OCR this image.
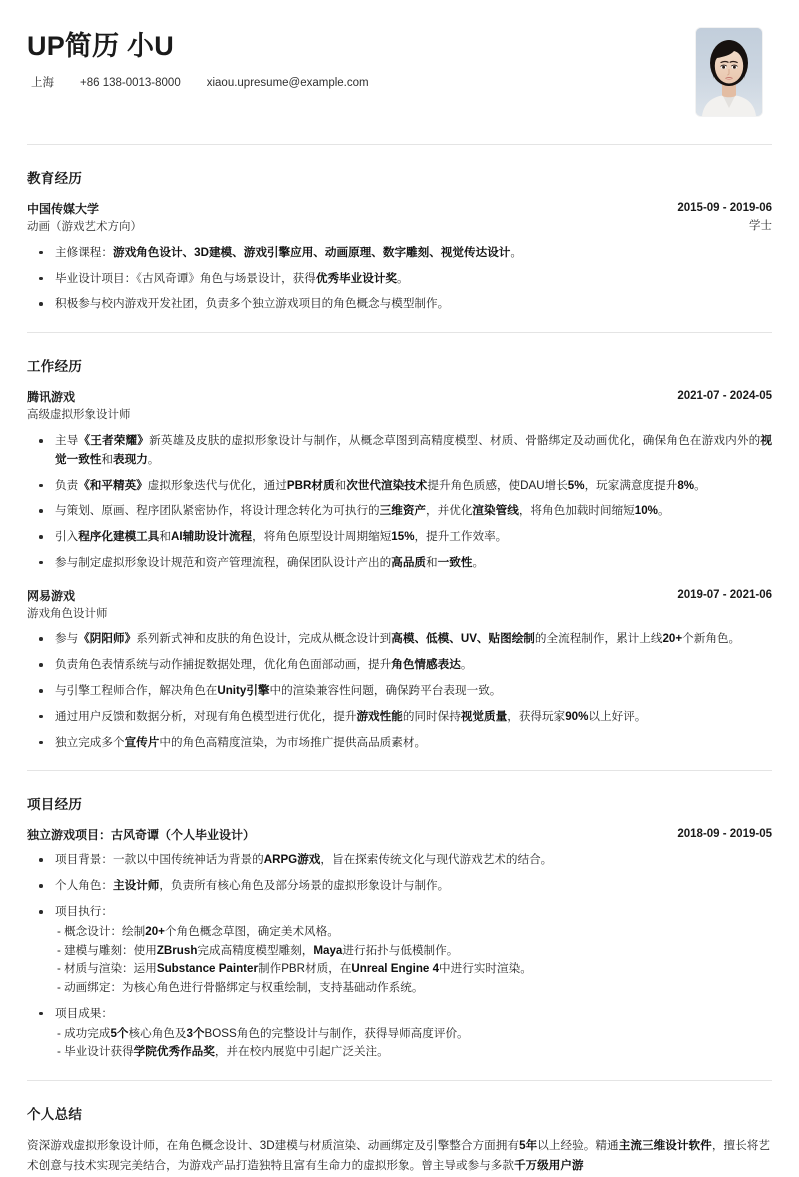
UP简历 小U
上海 +86 138-0013-8000 xiaou.upresume@example.com
教育经历
中国传媒大学
动画（游戏艺术方向）
2015-09 - 2019-06
学士
主修课程：游戏角色设计、3D建模、游戏引擎应用、动画原理、数字雕刻、视觉传达设计。
毕业设计项目：《古风奇谭》角色与场景设计，获得优秀毕业设计奖。
积极参与校内游戏开发社团，负责多个独立游戏项目的角色概念与模型制作。
工作经历
腾讯游戏
高级虚拟形象设计师
2021-07 - 2024-05
主导《王者荣耀》新英雄及皮肤的虚拟形象设计与制作，从概念草图到高精度模型、材质、骨骼绑定及动画优化，确保角色在游戏内外的视觉一致性和表现力。
负责《和平精英》虚拟形象迭代与优化，通过PBR材质和次世代渲染技术提升角色质感，使DAU增长5%，玩家满意度提升8%。
与策划、原画、程序团队紧密协作，将设计理念转化为可执行的三维资产，并优化渲染管线，将角色加载时间缩短10%。
引入程序化建模工具和AI辅助设计流程，将角色原型设计周期缩短15%，提升工作效率。
参与制定虚拟形象设计规范和资产管理流程，确保团队设计产出的高品质和一致性。
网易游戏
游戏角色设计师
2019-07 - 2021-06
参与《阴阳师》系列新式神和皮肤的角色设计，完成从概念设计到高模、低模、UV、贴图绘制的全流程制作，累计上线20+个新角色。
负责角色表情系统与动作捕捉数据处理，优化角色面部动画，提升角色情感表达。
与引擎工程师合作，解决角色在Unity引擎中的渲染兼容性问题，确保跨平台表现一致。
通过用户反馈和数据分析，对现有角色模型进行优化，提升游戏性能的同时保持视觉质量，获得玩家90%以上好评。
独立完成多个宣传片中的角色高精度渲染，为市场推广提供高品质素材。
项目经历
独立游戏项目：古风奇谭（个人毕业设计）	2018-09 - 2019-05
项目背景：一款以中国传统神话为背景的ARPG游戏，旨在探索传统文化与现代游戏艺术的结合。
个人角色：主设计师，负责所有核心角色及部分场景的虚拟形象设计与制作。
项目执行：
- 概念设计：绘制20+个角色概念草图，确定美术风格。
- 建模与雕刻：使用ZBrush完成高精度模型雕刻，Maya进行拓扑与低模制作。
- 材质与渲染：运用Substance Painter制作PBR材质，在Unreal Engine 4中进行实时渲染。
- 动画绑定：为核心角色进行骨骼绑定与权重绘制，支持基础动作系统。
项目成果：
- 成功完成5个核心角色及3个BOSS角色的完整设计与制作，获得导师高度评价。
- 毕业设计获得学院优秀作品奖，并在校内展览中引起广泛关注。
个人总结

资深游戏虚拟形象设计师，在角色概念设计、3D建模与材质渲染、动画绑定及引擎整合方面拥有5年以上经验。精通主流三维设计软件，擅长将艺术创意与技术实现完美结合，为游戏产品打造独特且富有生命力的虚拟形象。曾主导或参与多款千万级用户游
